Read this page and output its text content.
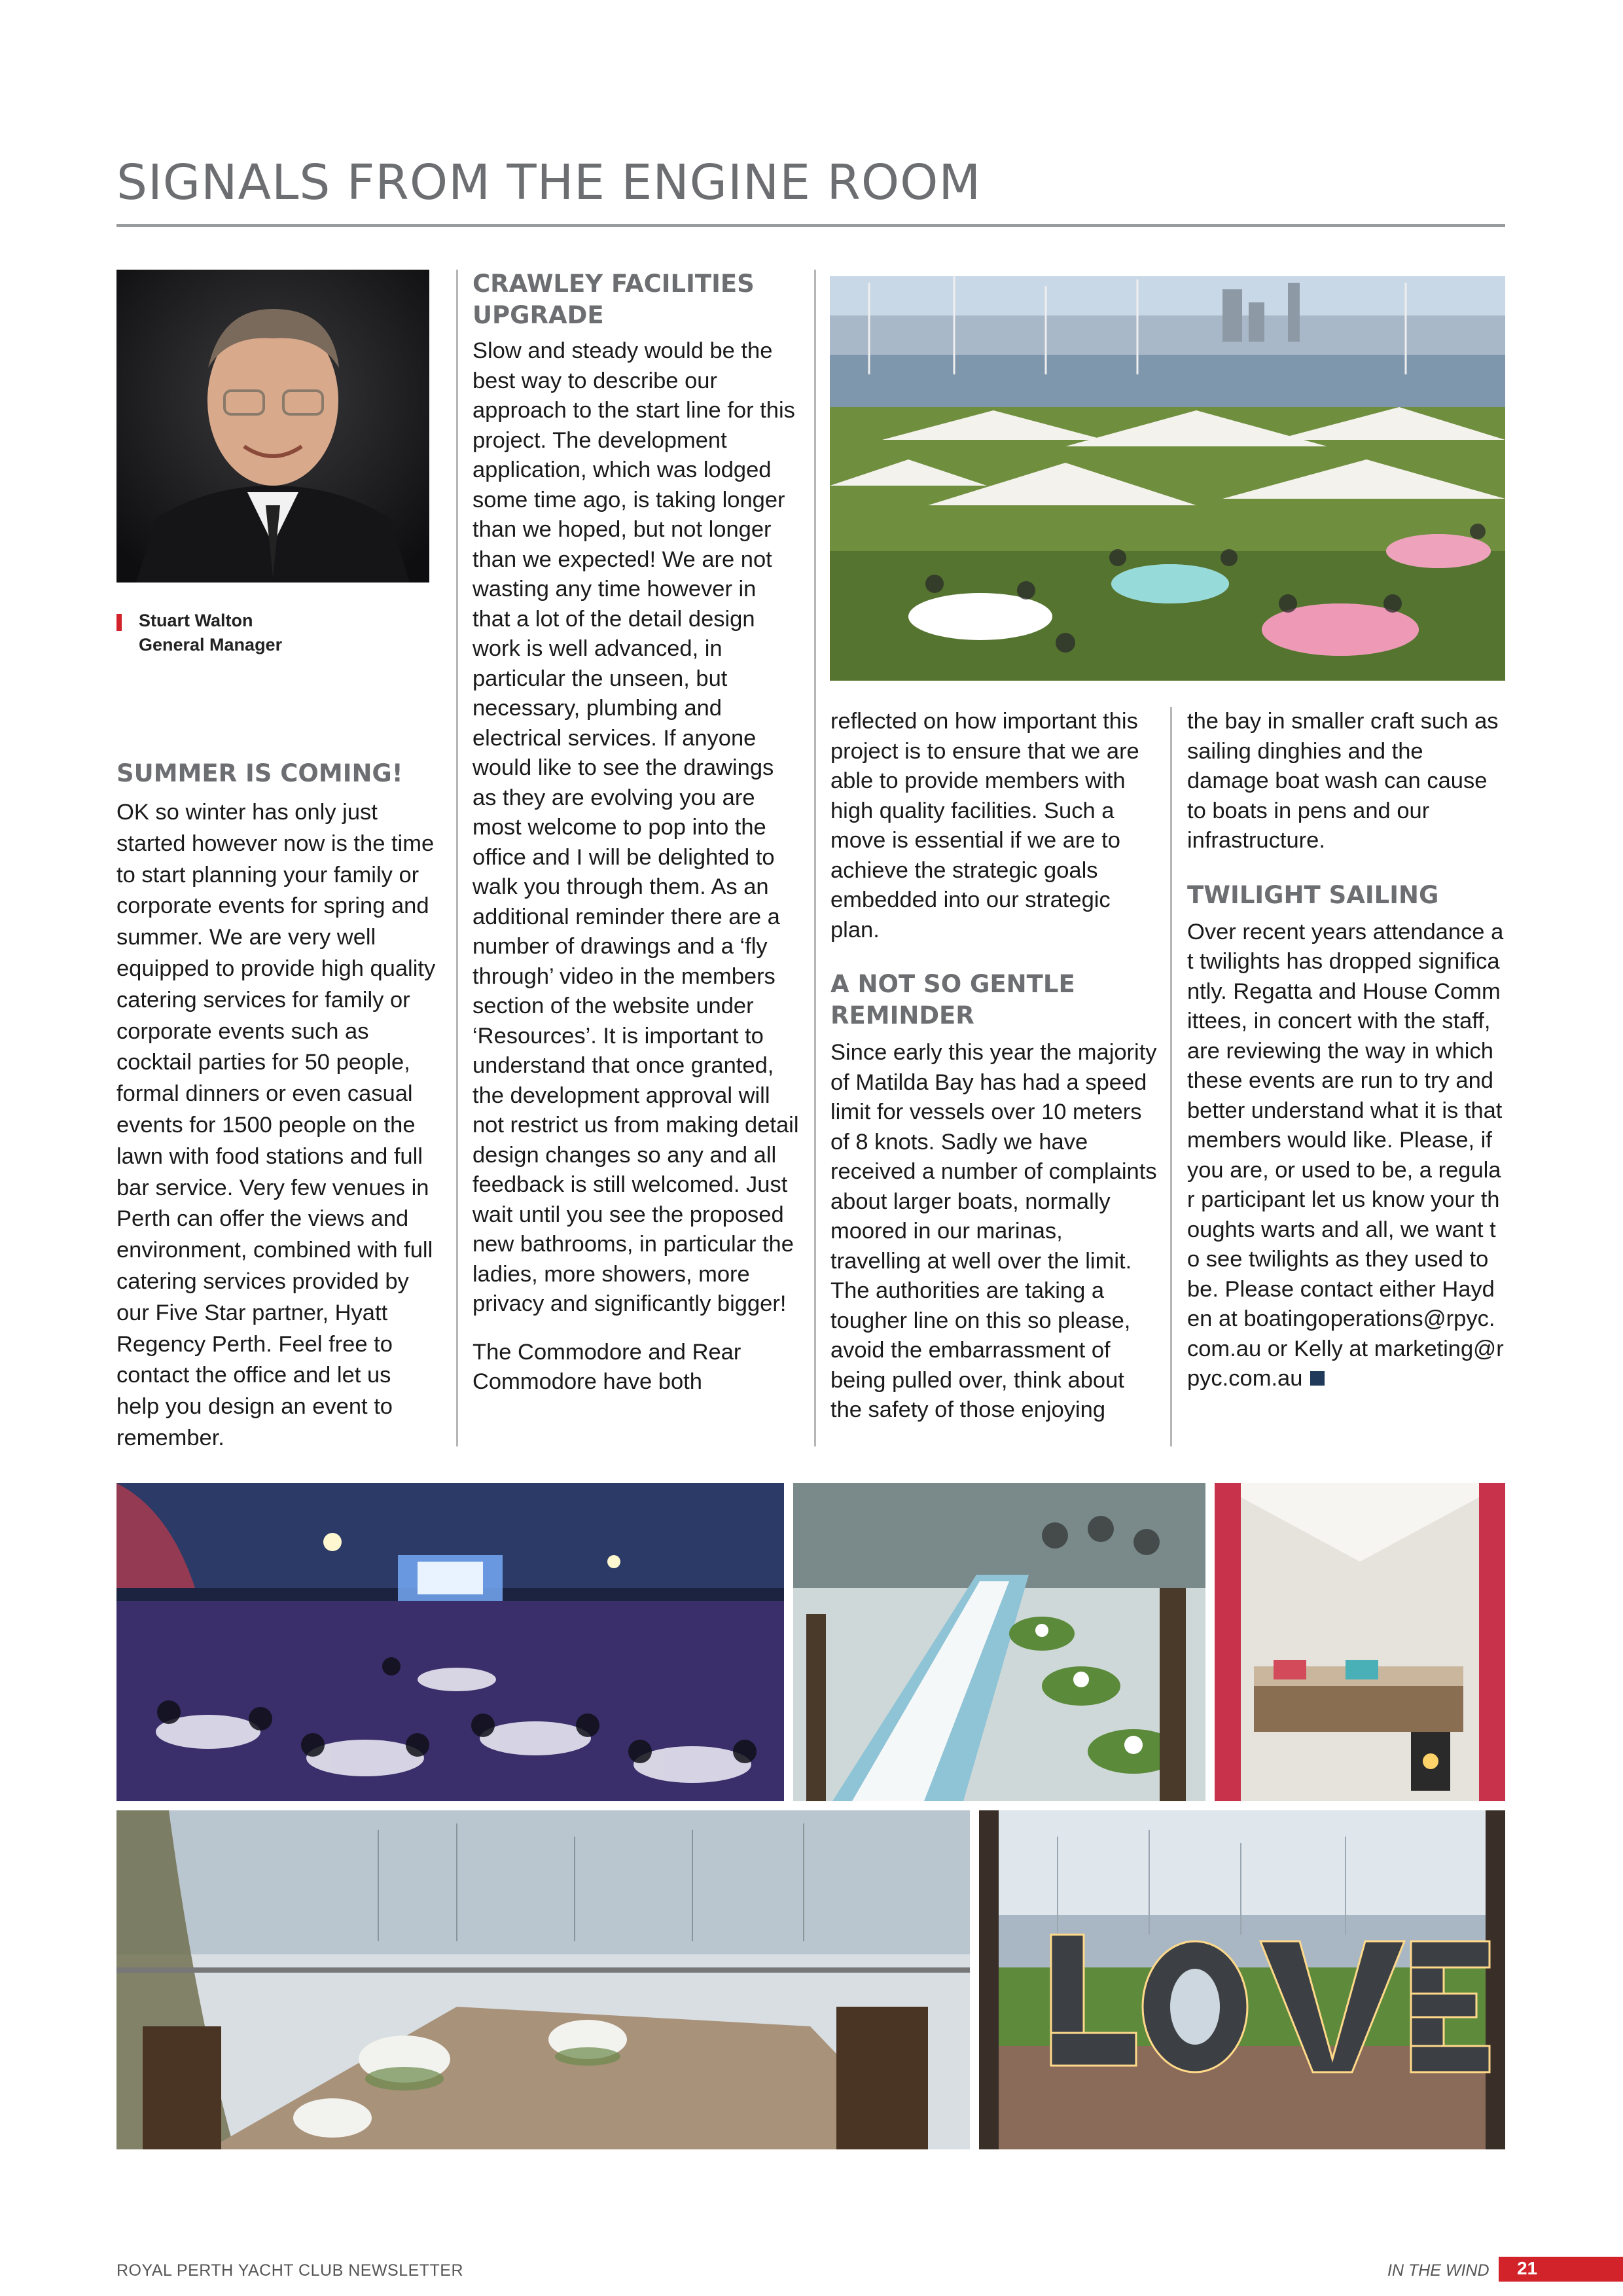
SIGNALS FROM THE ENGINE ROOM
Stuart Walton
General Manager
SUMMER IS COMING!

OK so winter has only just started however now is the time to start planning your family or corporate events for spring and summer. We are very well equipped to provide high quality catering services for family or corporate events such as cocktail parties for 50 people, formal dinners or even casual events for 1500 people on the lawn with food stations and full bar service. Very few venues in Perth can offer the views and environment, combined with full catering services provided by our Five Star partner, Hyatt Regency Perth. Feel free to contact the office and let us help you design an event to remember.

CRAWLEY FACILITIES UPGRADE

Slow and steady would be the best way to describe our approach to the start line for this project. The development application, which was lodged some time ago, is taking longer than we hoped, but not longer than we expected! We are not wasting any time however in that a lot of the detail design work is well advanced, in particular the unseen, but necessary, plumbing and electrical services. If anyone would like to see the drawings as they are evolving you are most welcome to pop into the office and I will be delighted to walk you through them. As an additional reminder there are a number of drawings and a ‘fly through’ video in the members section of the website under ‘Resources’. It is important to understand that once granted, the development approval will not restrict us from making detail design changes so any and all feedback is still welcomed. Just wait until you see the proposed new bathrooms, in particular the ladies, more showers, more privacy and significantly bigger!

The Commodore and Rear Commodore have both

reflected on how important this project is to ensure that we are able to provide members with high quality facilities. Such a move is essential if we are to achieve the strategic goals embedded into our strategic plan.

A NOT SO GENTLE REMINDER

Since early this year the majority of Matilda Bay has had a speed limit for vessels over 10 meters of 8 knots. Sadly we have received a number of complaints about larger boats, normally moored in our marinas, travelling at well over the limit. The authorities are taking a tougher line on this so please, avoid the embarrassment of being pulled over, think about the safety of those enjoying

the bay in smaller craft such as sailing dinghies and the damage boat wash can cause to boats in pens and our infrastructure.

TWILIGHT SAILING

Over recent years attendance at twilights has dropped significantly. Regatta and House Committees, in concert with the staff, are reviewing the way in which these events are run to try and better understand what it is that members would like. Please, if you are, or used to be, a regular participant let us know your thoughts warts and all, we want to see twilights as they used to be. Please contact either Hayden at boatingoperations@rpyc.com.au or Kelly at marketing@rpyc.com.au

ROYAL PERTH YACHT CLUB NEWSLETTER	IN THE WIND 21
